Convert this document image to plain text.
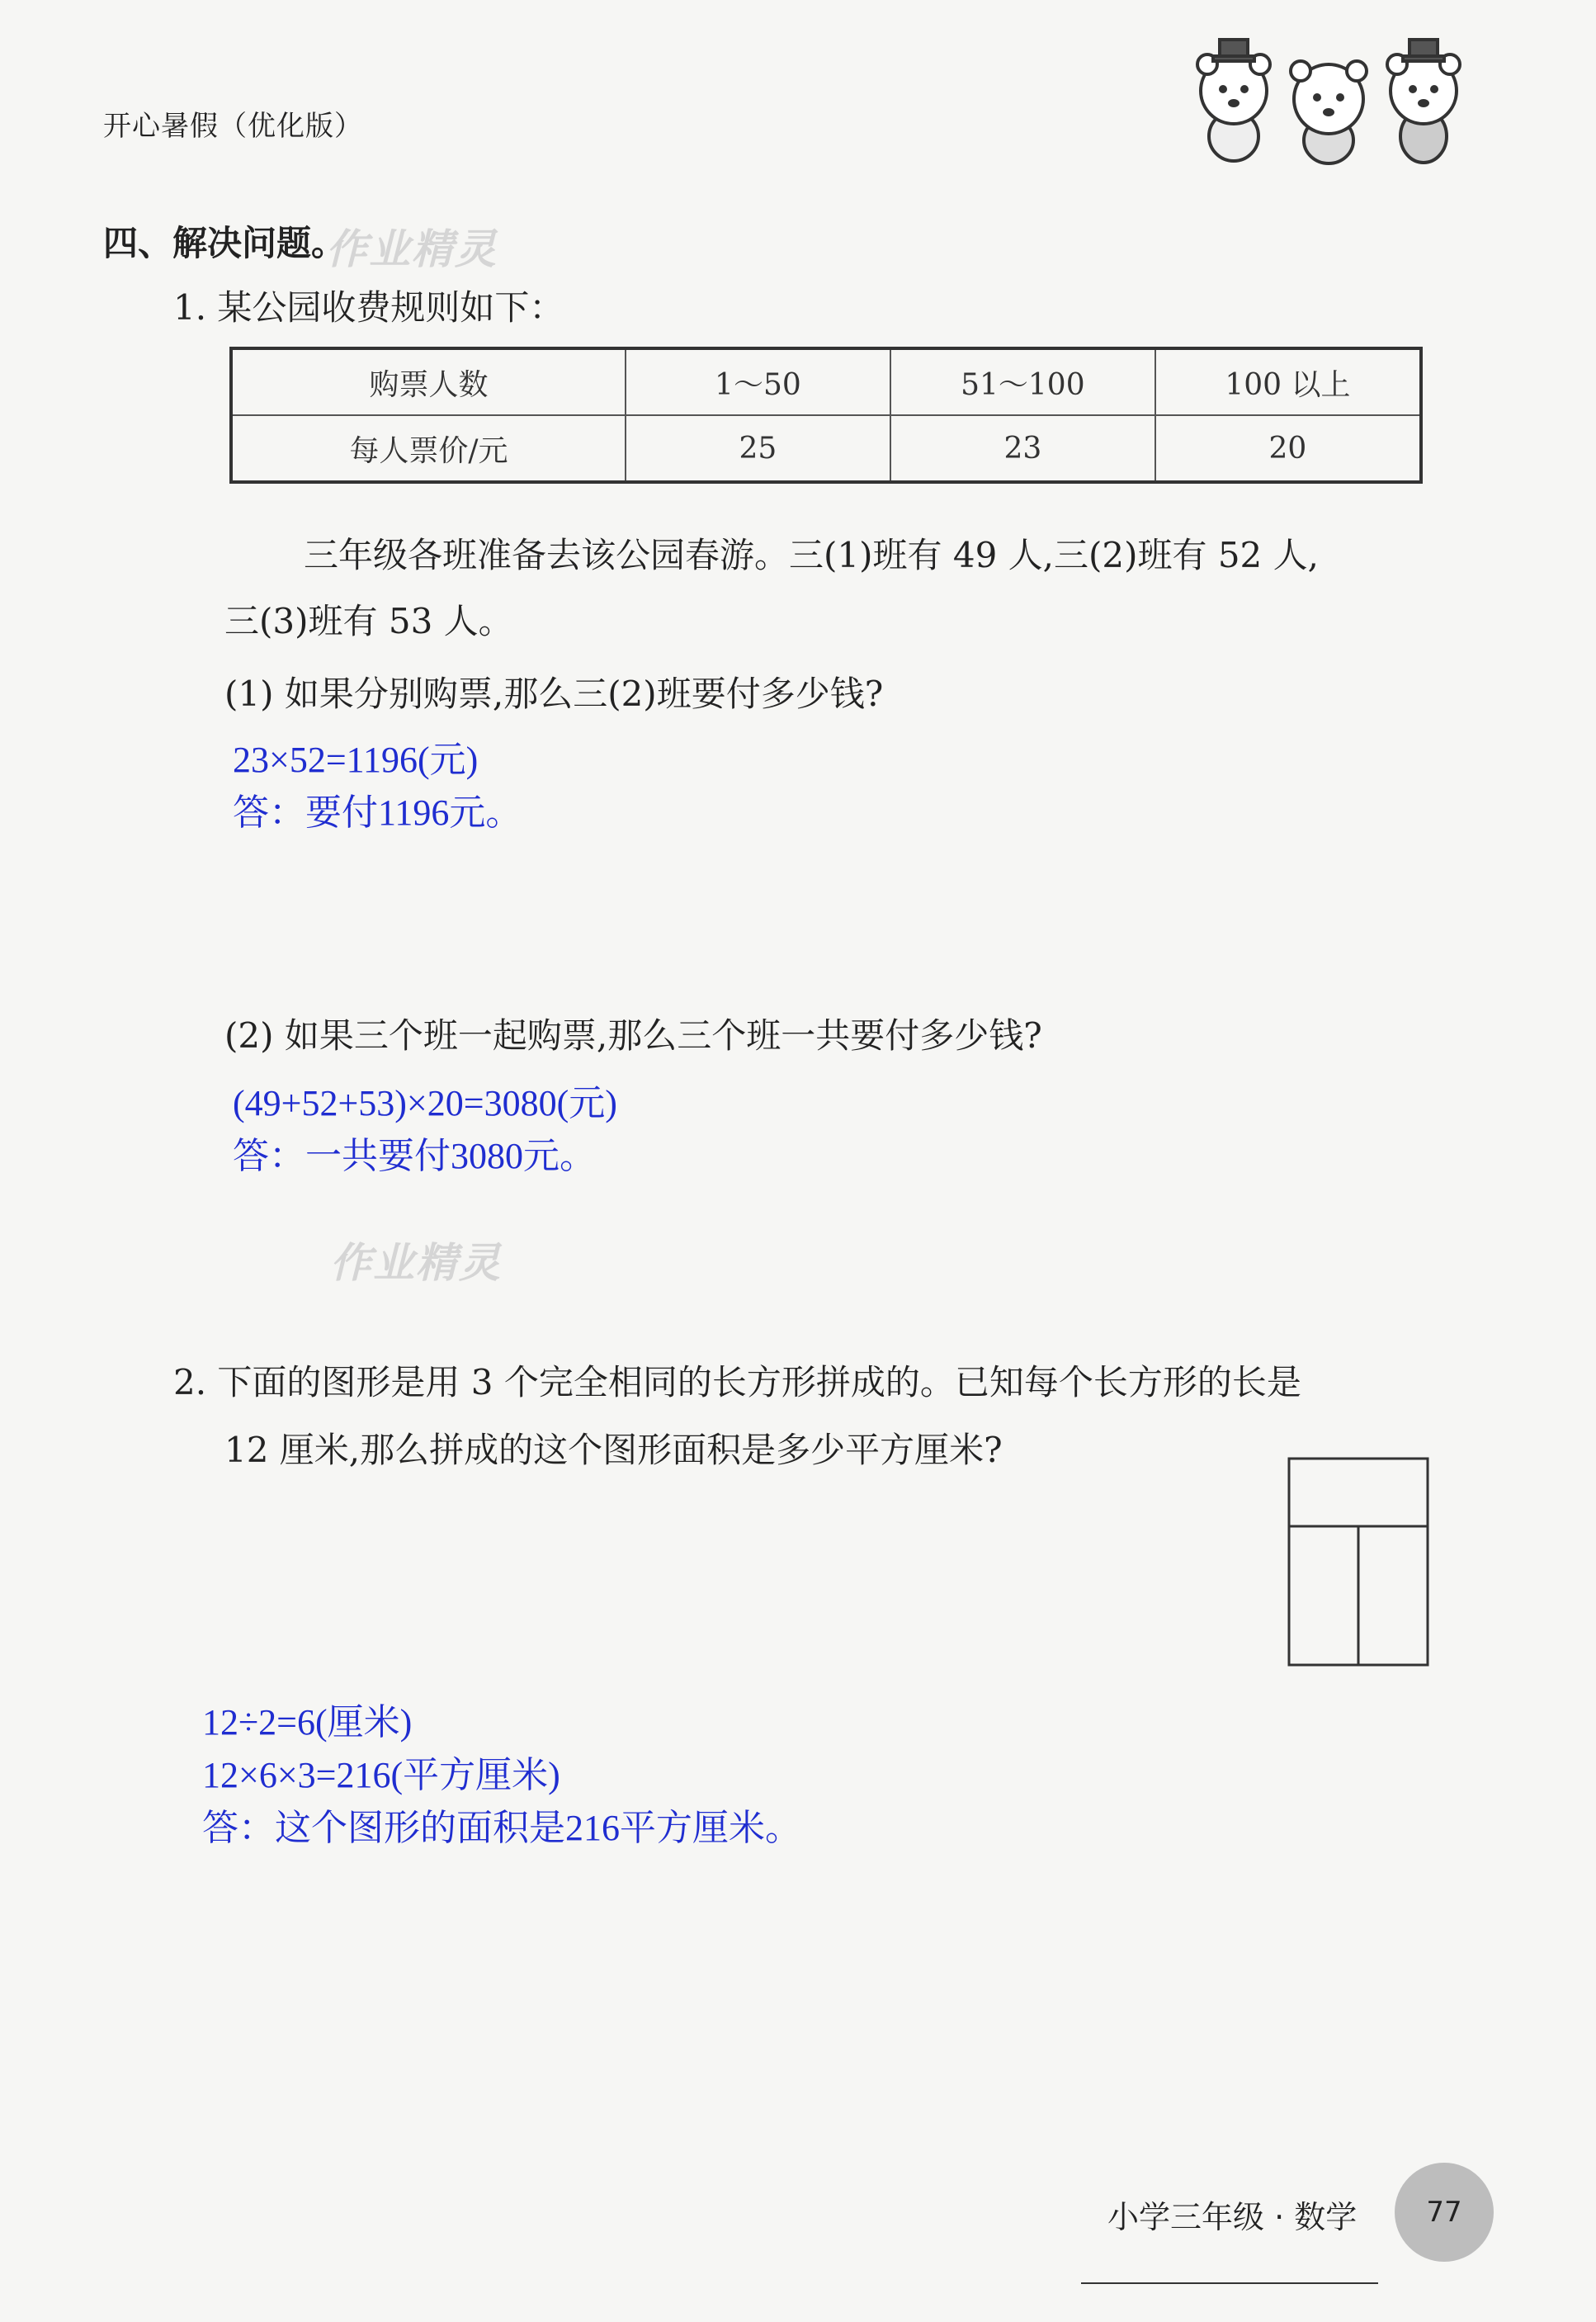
开心暑假（优化版）
四、解决问题。
作业精灵
1. 某公园收费规则如下：
购票人数	1～50	51～100	100 以上
每人票价/元	25	23	20
三年级各班准备去该公园春游。三(1)班有 49 人,三(2)班有 52 人,
三(3)班有 53 人。
(1) 如果分别购票,那么三(2)班要付多少钱?
23×52=1196(元)
答：要付1196元。
(2) 如果三个班一起购票,那么三个班一共要付多少钱?
(49+52+53)×20=3080(元)
答：一共要付3080元。
作业精灵
2. 下面的图形是用 3 个完全相同的长方形拼成的。已知每个长方形的长是
12 厘米,那么拼成的这个图形面积是多少平方厘米?
12÷2=6(厘米)
12×6×3=216(平方厘米)
答：这个图形的面积是216平方厘米。
小学三年级 · 数学	77
